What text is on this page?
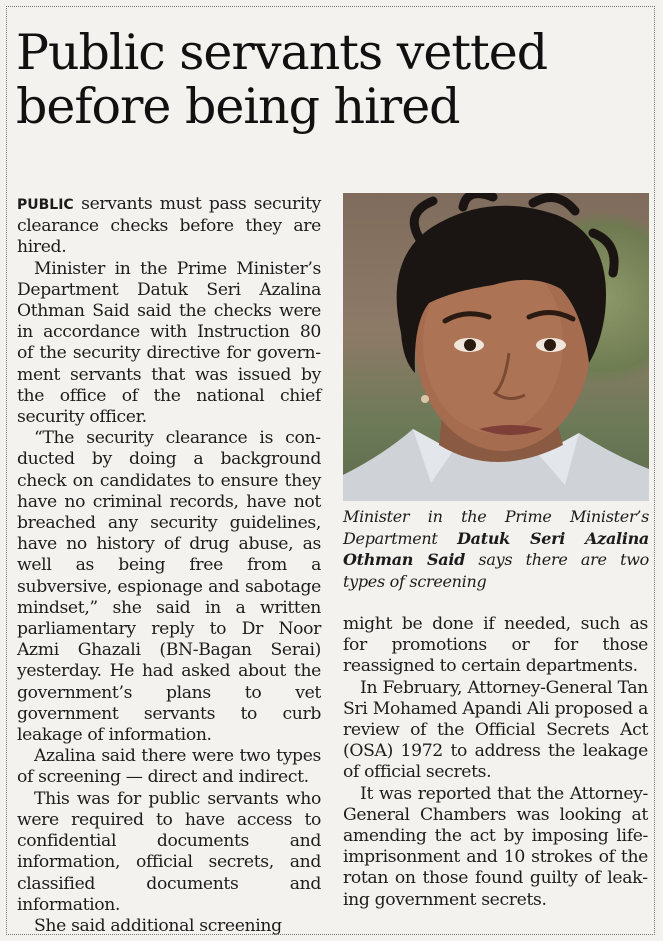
Public servants vetted
before being hired

PUBLIC servants must pass security clearance checks before they are hired.

Minister in the Prime Minister’s Department Datuk Seri Azalina Othman Said said the checks were in accordance with Instruction 80 of the security directive for government servants that was issued by the office of the national chief security officer.

“The security clearance is conducted by doing a background check on candidates to ensure they have no criminal records, have not breached any security guidelines, have no history of drug abuse, as well as being free from a subversive, espionage and sabotage mindset,” she said in a written parliamentary reply to Dr Noor Azmi Ghazali (BN-Bagan Serai) yesterday. He had asked about the government’s plans to vet government servants to curb leakage of information.

Azalina said there were two types of screening — direct and indirect.

This was for public servants who were required to have access to confidential documents and information, official secrets, and classified documents and information.

She said additional screening

Minister in the Prime Minister’s Department Datuk Seri Azalina Othman Said says there are two types of screening

might be done if needed, such as for promotions or for those reassigned to certain departments.

In February, Attorney-General Tan Sri Mohamed Apandi Ali proposed a review of the Official Secrets Act (OSA) 1972 to address the leakage of official secrets.

It was reported that the Attorney-General Chambers was looking at amending the act by imposing life-imprisonment and 10 strokes of the rotan on those found guilty of leaking government secrets.
